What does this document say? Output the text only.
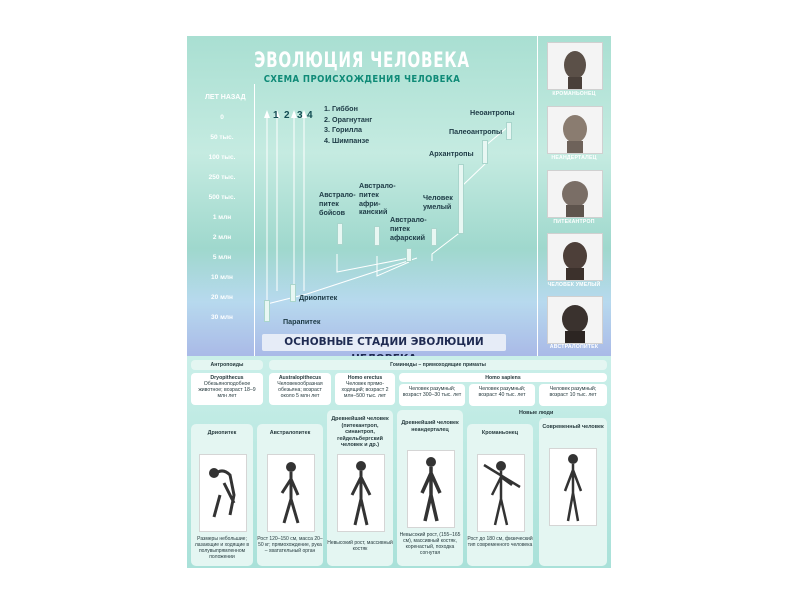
ЭВОЛЮЦИЯ ЧЕЛОВЕКА
СХЕМА ПРОИСХОЖДЕНИЯ ЧЕЛОВЕКА
ЛЕТ НАЗАД
0
50 тыс.
100 тыс.
250 тыс.
500 тыс.
1 млн
2 млн
5 млн
10 млн
20 млн
30 млн
1 2 3 4
1. Гиббон
2. Орагнутанг
3. Горилла
4. Шимпанзе
Неоантропы
Палеоантропы
Архантропы
Человек
умелый
Австрало-
питек
афарский
Австрало-
питек
афри-
канский
Австрало-
питек
бойсов
Дриопитек
Парапитек
ОСНОВНЫЕ СТАДИИ ЭВОЛЮЦИИ
КРОМАНЬОНЕЦ
НЕАНДЕРТАЛЕЦ
ПИТЕКАНТРОП
ЧЕЛОВЕК УМЕЛЫЙ
АВСТРАЛОПИТЕК
Антропоиды	Гоминиды – прямоходящие приматы
Dryopithecus
Обезьяноподобное животное; возраст 18–9 млн лет
Australopithecus
Человекообразная обезьяна; возраст около 5 млн лет
Homo erectus
Человек прямо-ходящий; возраст 2 млн–500 тыс. лет
Homo sapiens
Человек разумный; возраст 300–30 тыс. лет
Человек разумный; возраст 40 тыс. лет
Человек разумный; возраст 10 тыс. лет
Новые люди
Дриопитек
Размеры небольшие; лазающие и ходящие в полувыпрямленном положении
Австралопитек
Рост 120–150 см, масса 20–50 кг; прямохождение, рука – хватательный орган
Древнейший человек (питекантроп, синантроп, гейдельбергский человек и др.)
Невысокий рост, массивный костяк
Древнейший человек неандерталец
Невысокий рост, (155–165 см), массивный костяк, коренастый, походка согнутая
Кроманьонец
Рост до 180 см, физический тип современного человека
Современный человек
